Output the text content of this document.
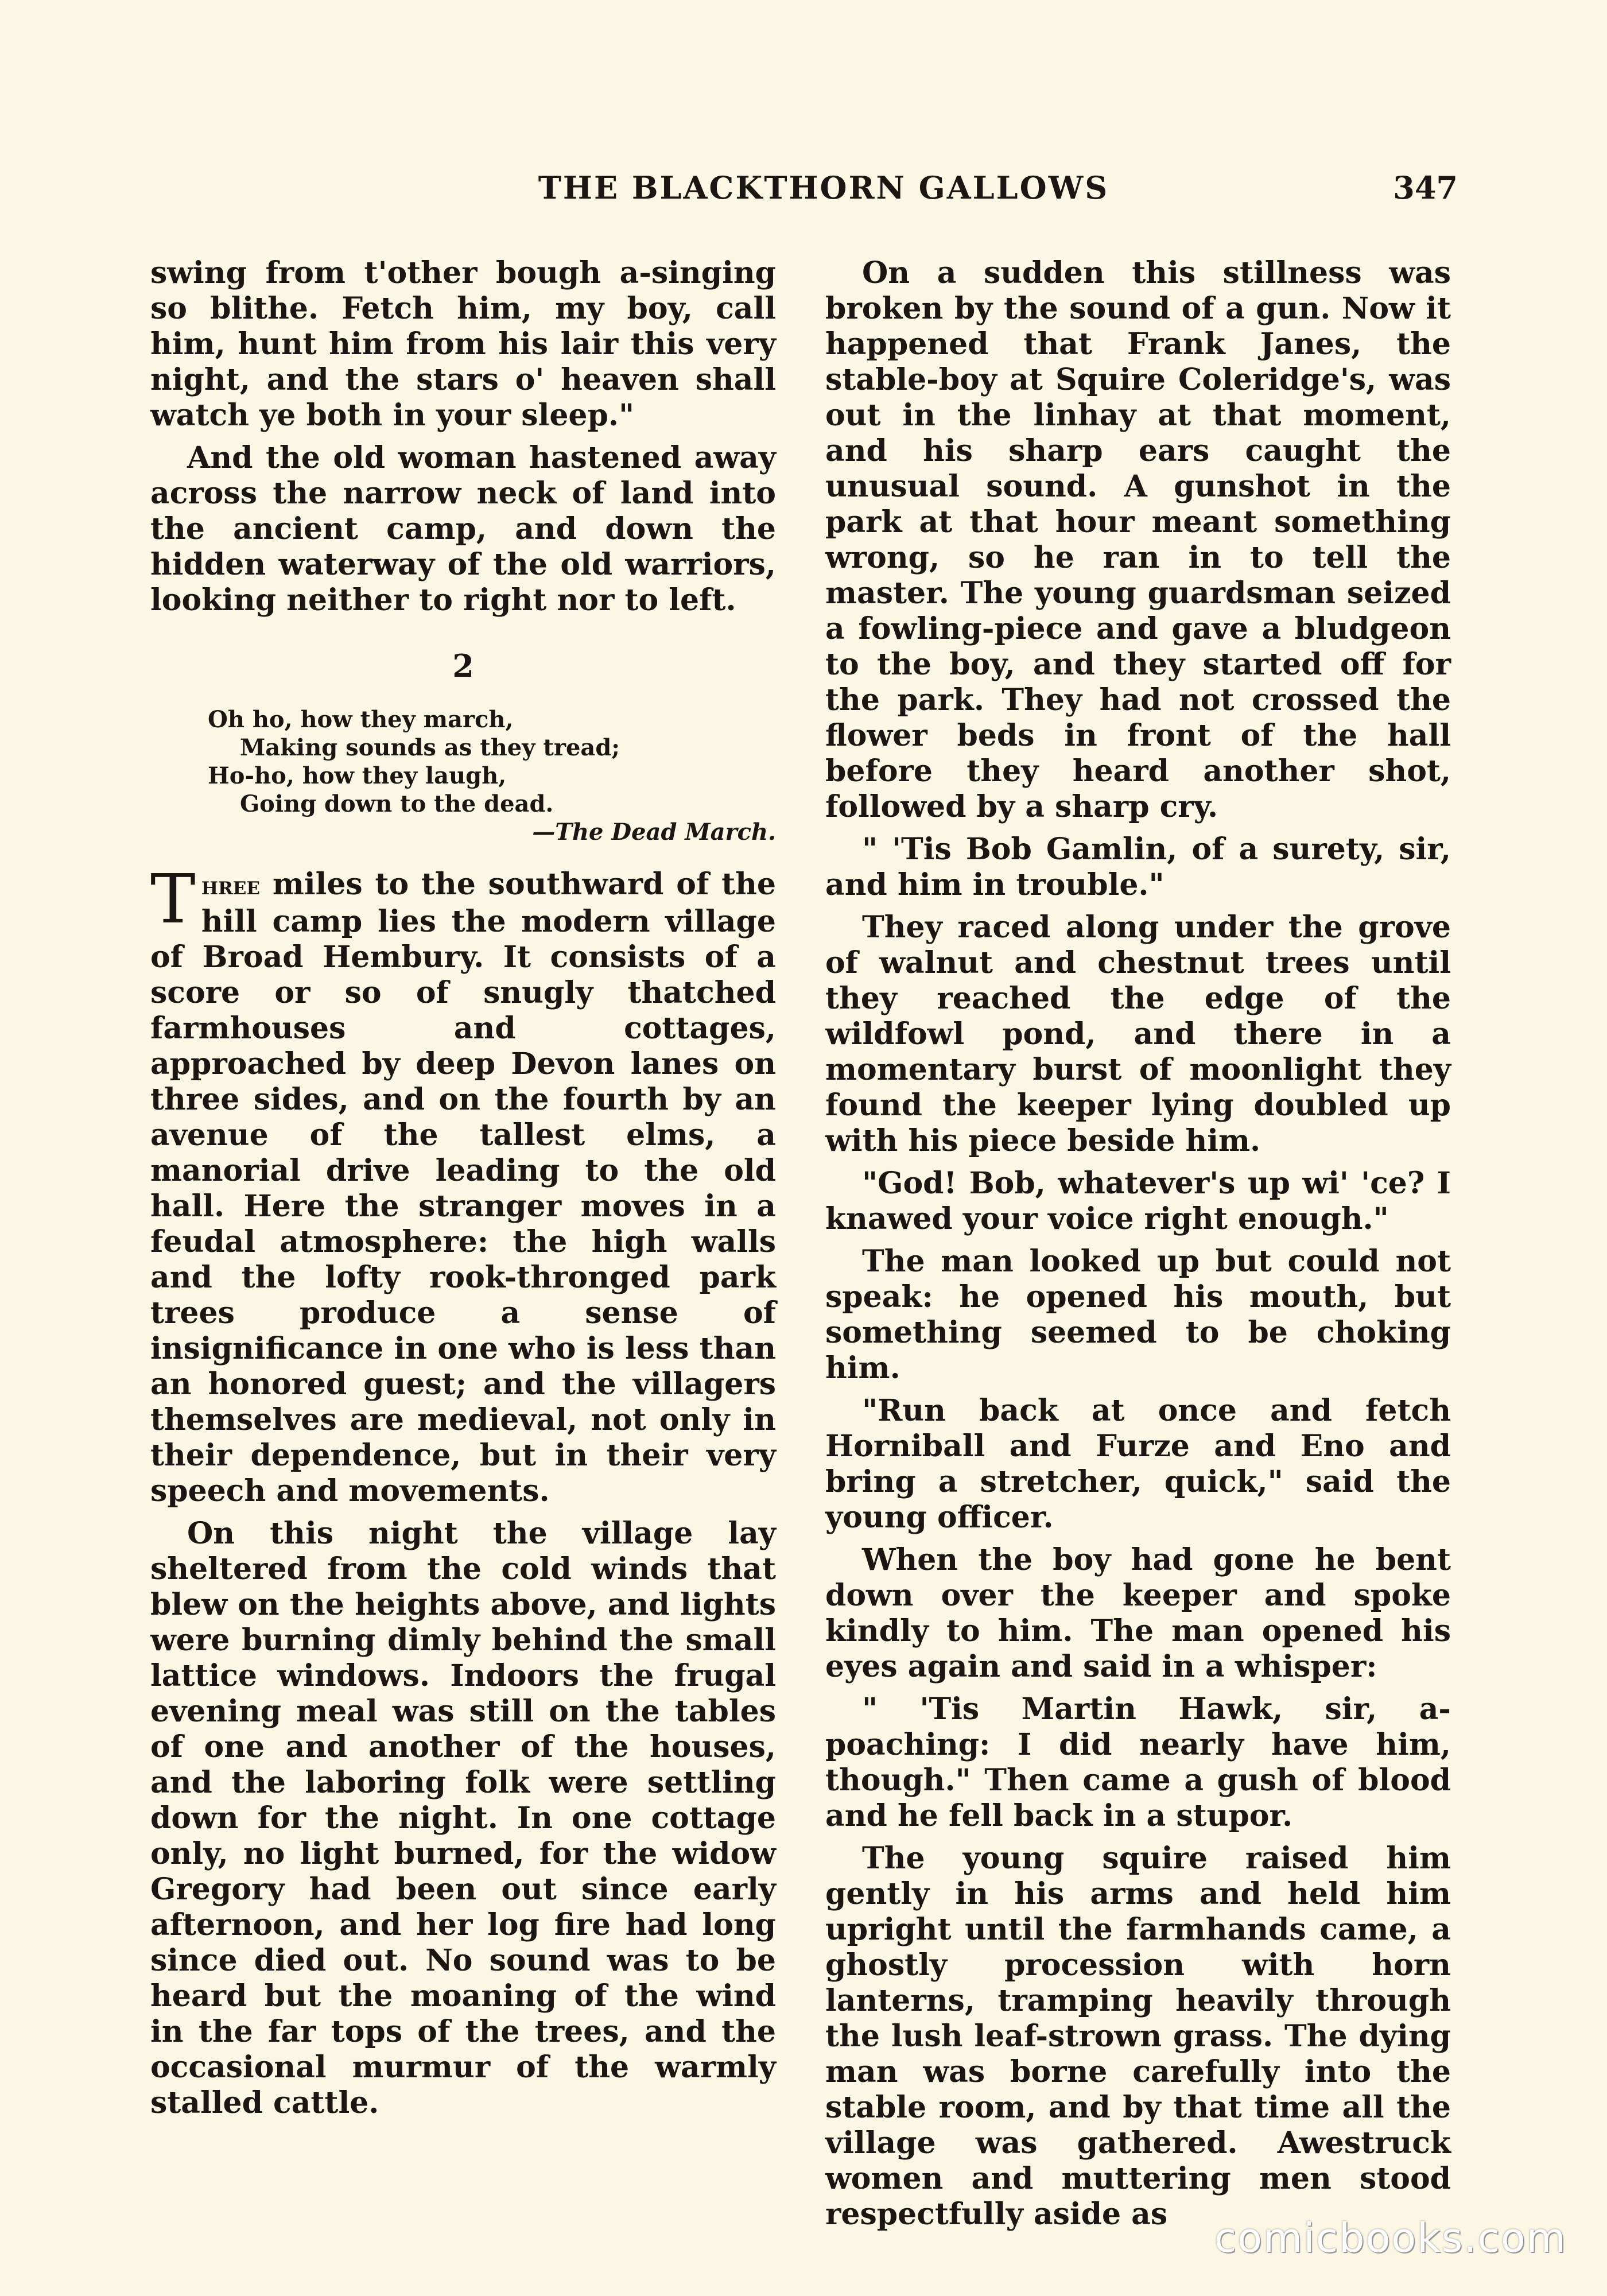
THE BLACKTHORN GALLOWS	347

swing from t'other bough a-singing so blithe. Fetch him, my boy, call him, hunt him from his lair this very night, and the stars o' heaven shall watch ye both in your sleep."

And the old woman hastened away across the narrow neck of land into the ancient camp, and down the hidden waterway of the old warriors, looking neither to right nor to left.

2
Oh ho, how they march,
Making sounds as they tread;
Ho-ho, how they laugh,
Going down to the dead.
—The Dead March.

Three miles to the southward of the hill camp lies the modern village of Broad Hembury. It consists of a score or so of snugly thatched farmhouses and cottages, approached by deep Devon lanes on three sides, and on the fourth by an avenue of the tallest elms, a manorial drive leading to the old hall. Here the stranger moves in a feudal atmosphere: the high walls and the lofty rook-thronged park trees produce a sense of insignificance in one who is less than an honored guest; and the villagers themselves are medieval, not only in their dependence, but in their very speech and movements.

On this night the village lay sheltered from the cold winds that blew on the heights above, and lights were burning dimly behind the small lattice windows. Indoors the frugal evening meal was still on the tables of one and another of the houses, and the laboring folk were settling down for the night. In one cottage only, no light burned, for the widow Gregory had been out since early afternoon, and her log fire had long since died out. No sound was to be heard but the moaning of the wind in the far tops of the trees, and the occasional murmur of the warmly stalled cattle.

On a sudden this stillness was broken by the sound of a gun. Now it happened that Frank Janes, the stable-boy at Squire Coleridge's, was out in the linhay at that moment, and his sharp ears caught the unusual sound. A gunshot in the park at that hour meant something wrong, so he ran in to tell the master. The young guardsman seized a fowling-piece and gave a bludgeon to the boy, and they started off for the park. They had not crossed the flower beds in front of the hall before they heard another shot, followed by a sharp cry.

" 'Tis Bob Gamlin, of a surety, sir, and him in trouble."

They raced along under the grove of walnut and chestnut trees until they reached the edge of the wildfowl pond, and there in a momentary burst of moonlight they found the keeper lying doubled up with his piece beside him.

"God! Bob, whatever's up wi' 'ce? I knawed your voice right enough."

The man looked up but could not speak: he opened his mouth, but something seemed to be choking him.

"Run back at once and fetch Horniball and Furze and Eno and bring a stretcher, quick," said the young officer.

When the boy had gone he bent down over the keeper and spoke kindly to him. The man opened his eyes again and said in a whisper:

" 'Tis Martin Hawk, sir, a-poaching: I did nearly have him, though." Then came a gush of blood and he fell back in a stupor.

The young squire raised him gently in his arms and held him upright until the farmhands came, a ghostly procession with horn lanterns, tramping heavily through the lush leaf-strown grass. The dying man was borne carefully into the stable room, and by that time all the village was gathered. Awestruck women and muttering men stood respectfully aside as

comicbooks.com
